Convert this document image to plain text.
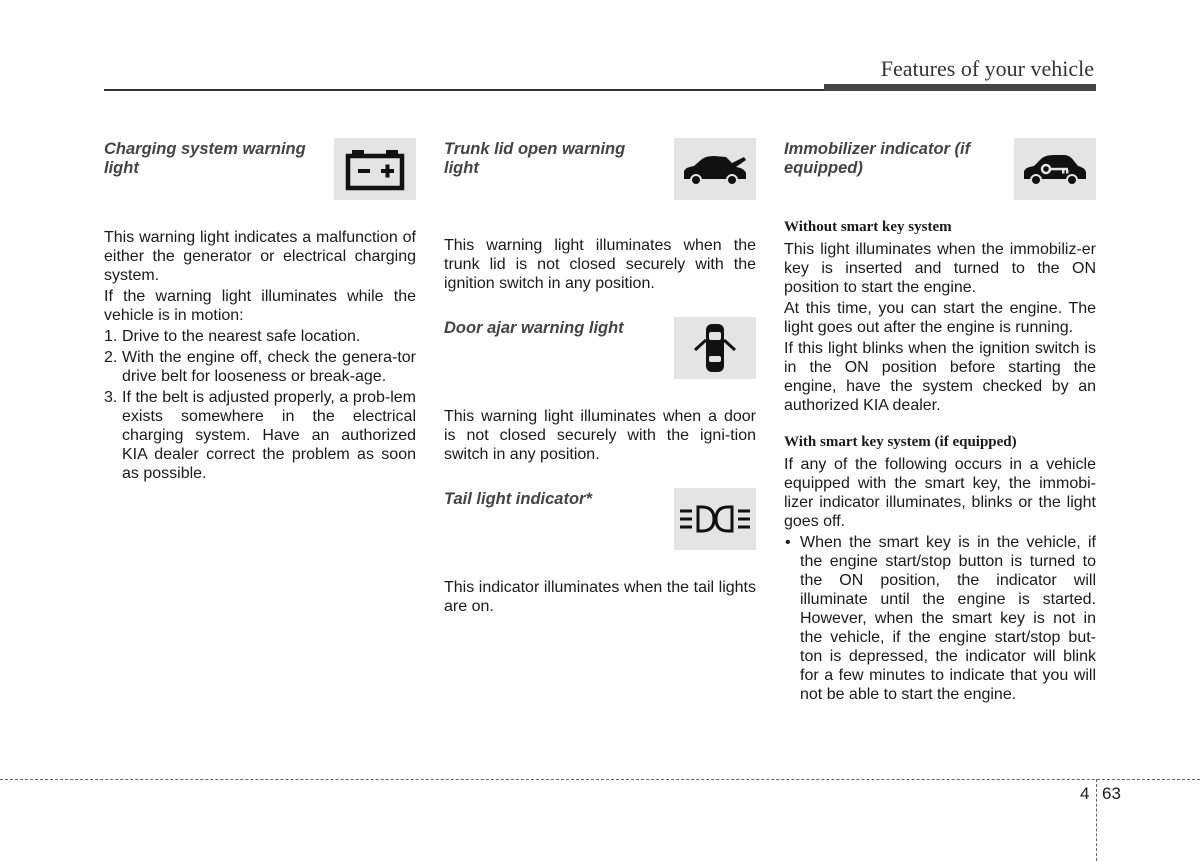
Features of your vehicle
Charging system warning light

This warning light indicates a malfunction of either the generator or electrical charging system.

If the warning light illuminates while the vehicle is in motion:

1. Drive to the nearest safe location.
2. With the engine off, check the genera-tor drive belt for looseness or break-age.
3. If the belt is adjusted properly, a prob-lem exists somewhere in the electrical charging system. Have an authorized KIA dealer correct the problem as soon as possible.
Trunk lid open warning light

This warning light illuminates when the trunk lid is not closed securely with the ignition switch in any position.

Door ajar warning light

This warning light illuminates when a door is not closed securely with the igni-tion switch in any position.

Tail light indicator*

This indicator illuminates when the tail lights are on.

Immobilizer indicator (if equipped)
Without smart key system

This light illuminates when the immobiliz-er key is inserted and turned to the ON position to start the engine.

At this time, you can start the engine. The light goes out after the engine is running.

If this light blinks when the ignition switch is in the ON position before starting the engine, have the system checked by an authorized KIA dealer.

With smart key system (if equipped)

If any of the following occurs in a vehicle equipped with the smart key, the immobi-lizer indicator illuminates, blinks or the light goes off.

• When the smart key is in the vehicle, if the engine start/stop button is turned to the ON position, the indicator will illuminate until the engine is started. However, when the smart key is not in the vehicle, if the engine start/stop but-ton is depressed, the indicator will blink for a few minutes to indicate that you will not be able to start the engine.
4 63
